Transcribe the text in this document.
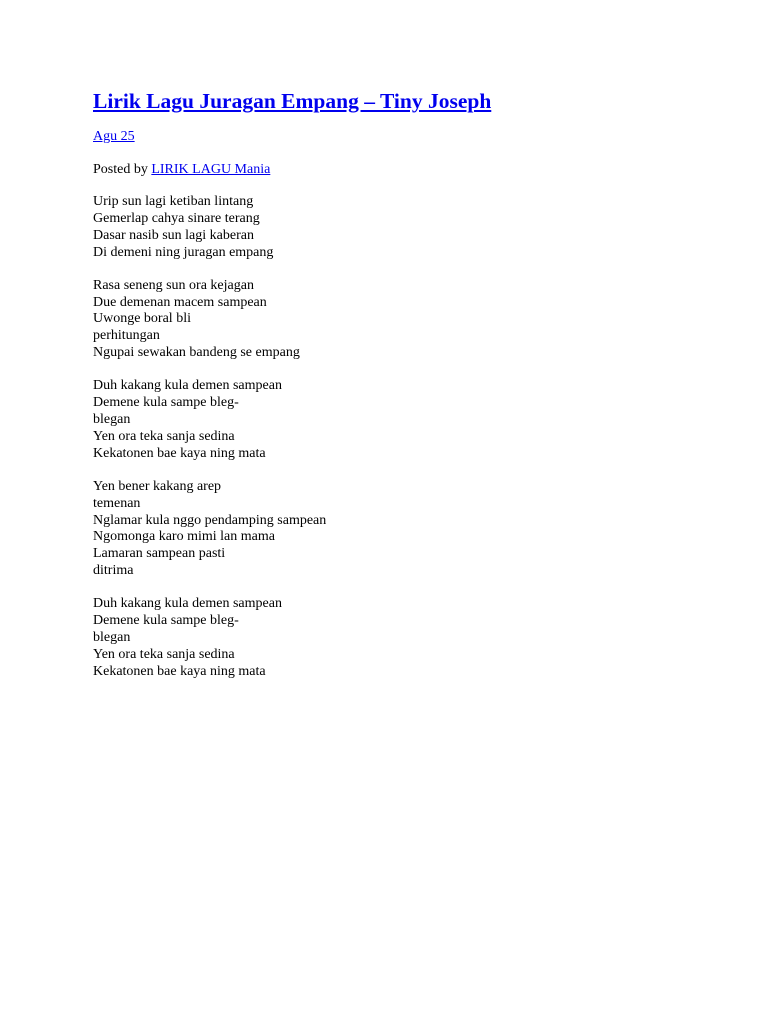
Lirik Lagu Juragan Empang – Tiny Joseph
Agu 25
Posted by LIRIK LAGU Mania
Urip sun lagi ketiban lintang
Gemerlap cahya sinare terang
Dasar nasib sun lagi kaberan
Di demeni ning juragan empang
Rasa seneng sun ora kejagan
Due demenan macem sampean
Uwonge boral bli
perhitungan
Ngupai sewakan bandeng se empang
Duh kakang kula demen sampean
Demene kula sampe bleg-
blegan
Yen ora teka sanja sedina
Kekatonen bae kaya ning mata
Yen bener kakang arep
temenan
Nglamar kula nggo pendamping sampean
Ngomonga karo mimi lan mama
Lamaran sampean pasti
ditrima
Duh kakang kula demen sampean
Demene kula sampe bleg-
blegan
Yen ora teka sanja sedina
Kekatonen bae kaya ning mata
